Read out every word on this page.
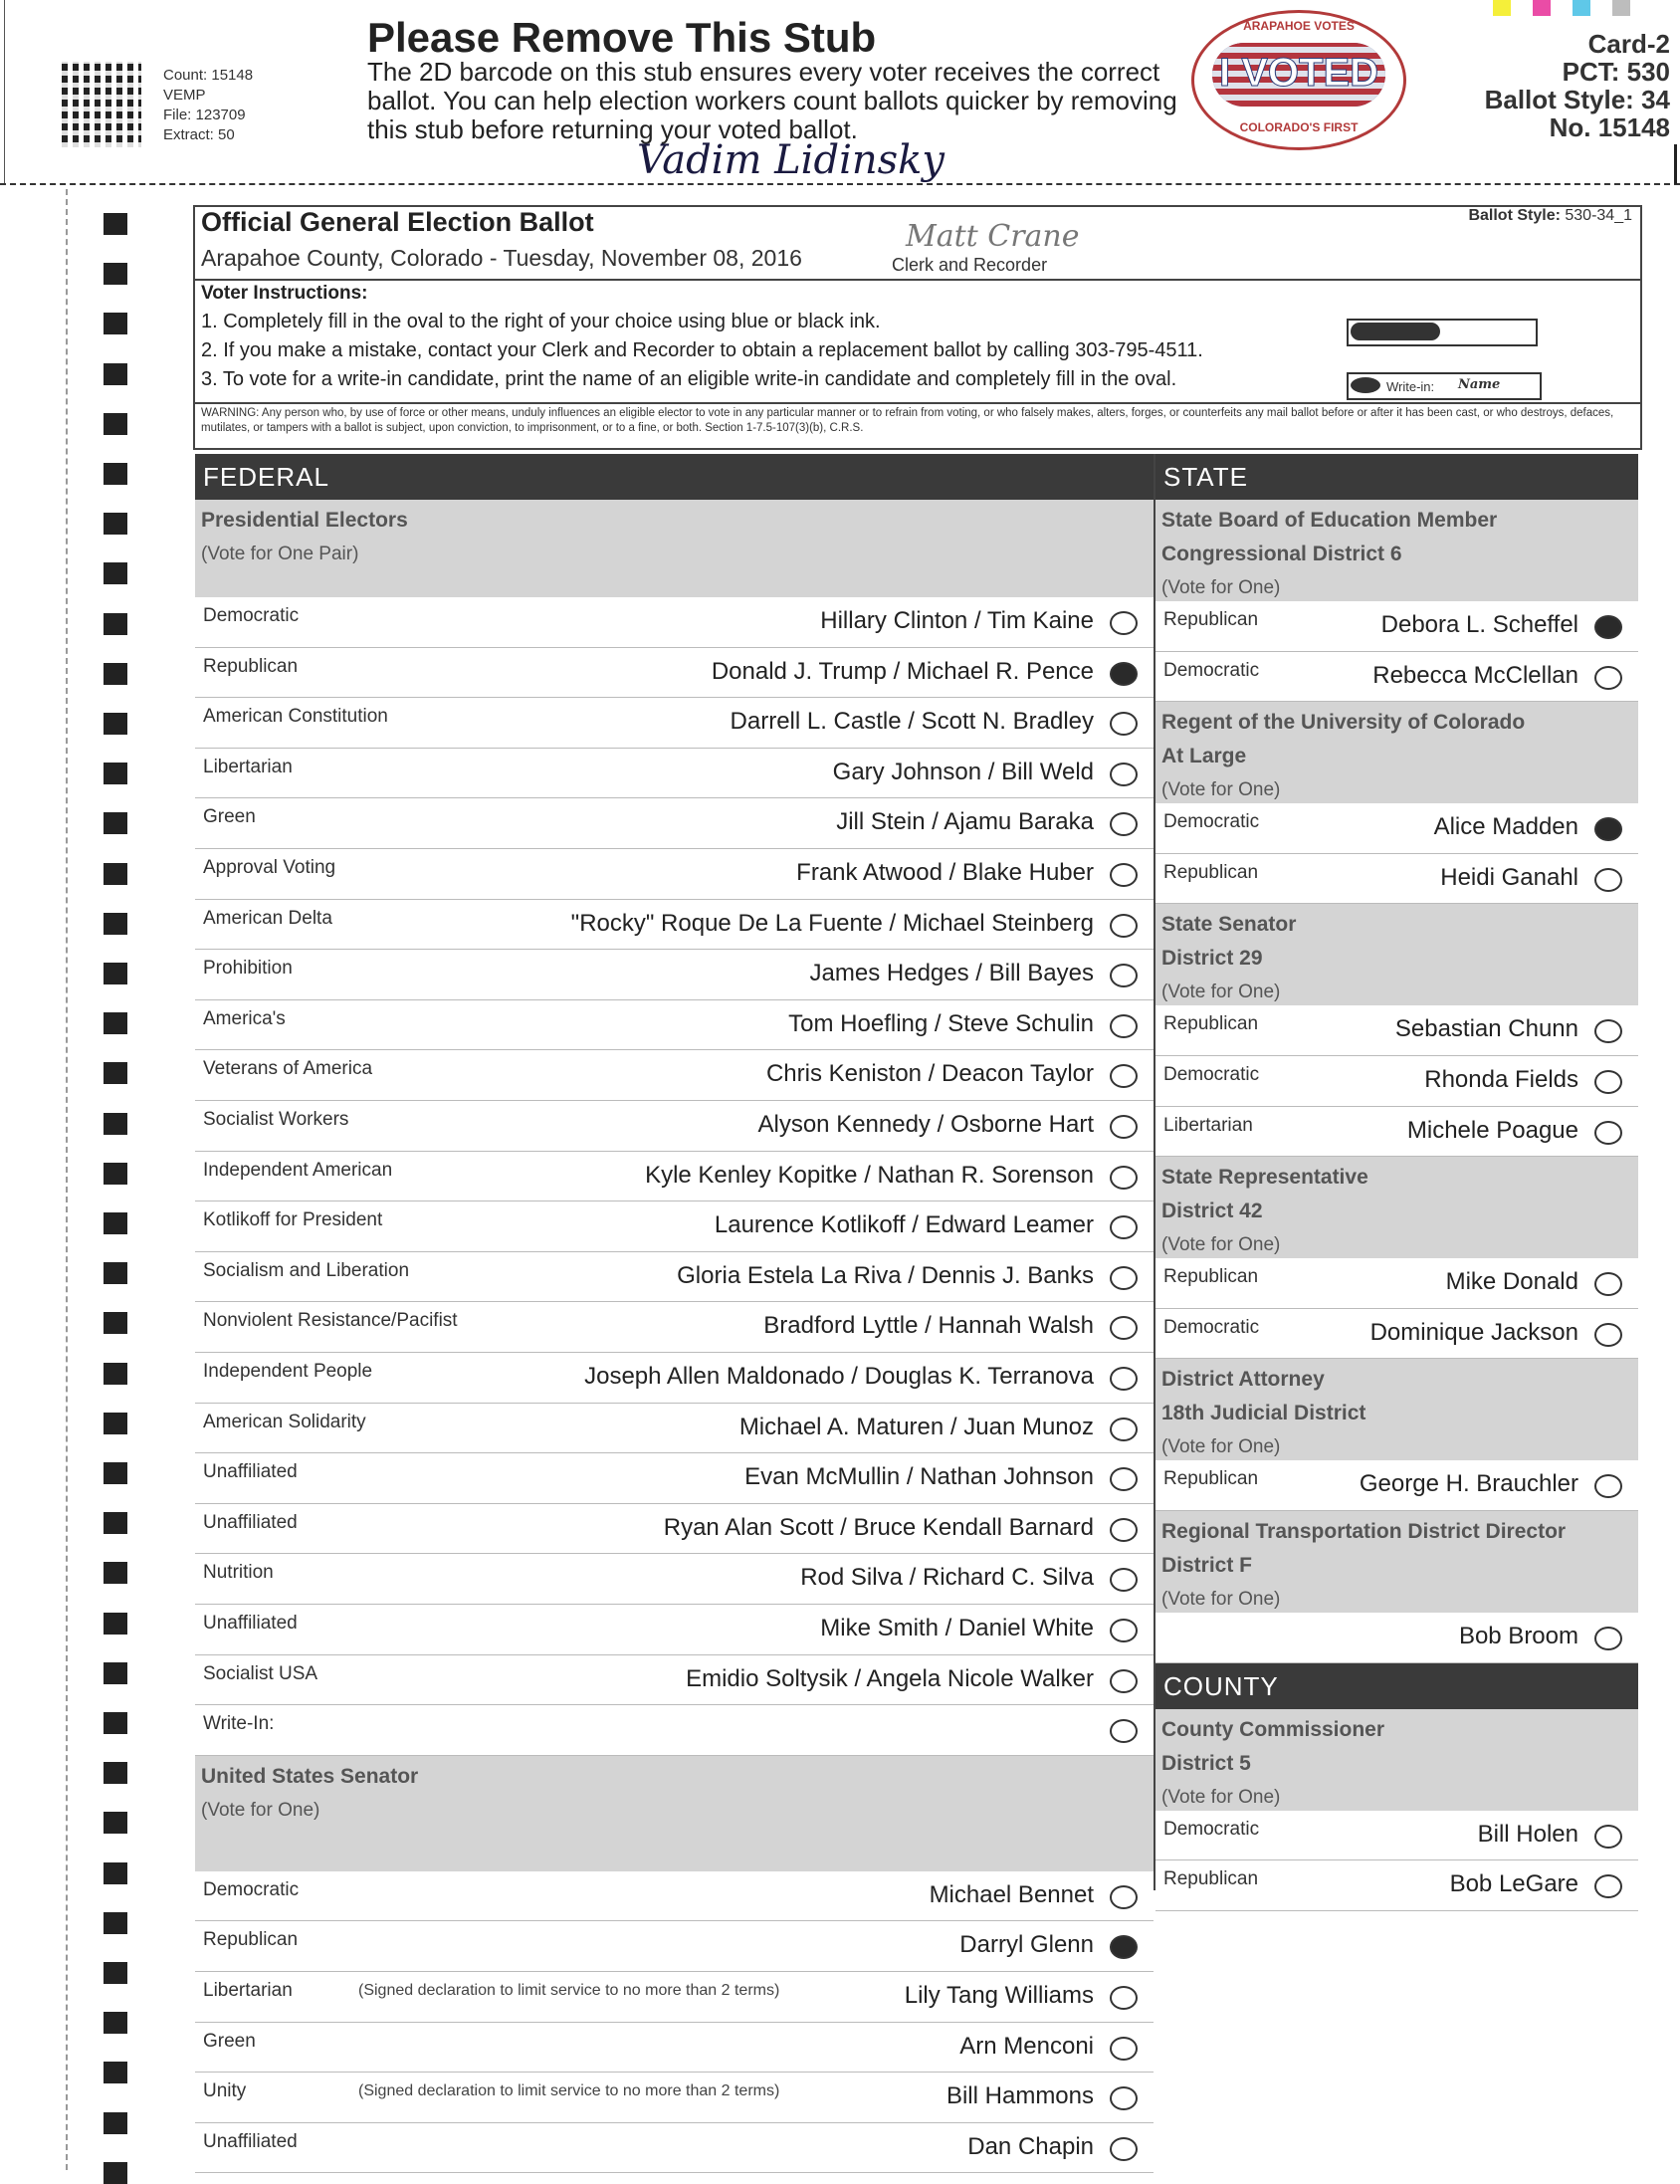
Count: 15148
VEMP
File: 123709
Extract: 50
Please Remove This Stub
The 2D barcode on this stub ensures every voter receives the correct ballot. You can help election workers count ballots quicker by removing this stub before returning your voted ballot.
ARAPAHOE VOTES
I VOTED
COLORADO'S FIRST
Card-2
PCT: 530
Ballot Style: 34
No. 15148
Vadim Lidinsky
Official General Election Ballot
Arapahoe County, Colorado - Tuesday, November 08, 2016
Matt Crane
Clerk and Recorder
Ballot Style: 530-34_1
Voter Instructions:
1. Completely fill in the oval to the right of your choice using blue or black ink.
2. If you make a mistake, contact your Clerk and Recorder to obtain a replacement ballot by calling 303-795-4511.
3. To vote for a write-in candidate, print the name of an eligible write-in candidate and completely fill in the oval.	Write-in: Name
WARNING: Any person who, by use of force or other means, unduly influences an eligible elector to vote in any particular manner or to refrain from voting, or who falsely makes, alters, forges, or counterfeits any mail ballot before or after it has been cast, or who destroys, defaces, mutilates, or tampers with a ballot is subject, upon conviction, to imprisonment, or to a fine, or both. Section 1-7.5-107(3)(b), C.R.S.
FEDERAL
Presidential Electors
(Vote for One Pair)
Democratic	Hillary Clinton / Tim Kaine
Republican	Donald J. Trump / Michael R. Pence
American Constitution	Darrell L. Castle / Scott N. Bradley
Libertarian	Gary Johnson / Bill Weld
Green	Jill Stein / Ajamu Baraka
Approval Voting	Frank Atwood / Blake Huber
American Delta	"Rocky" Roque De La Fuente / Michael Steinberg
Prohibition	James Hedges / Bill Bayes
America's	Tom Hoefling / Steve Schulin
Veterans of America	Chris Keniston / Deacon Taylor
Socialist Workers	Alyson Kennedy / Osborne Hart
Independent American	Kyle Kenley Kopitke / Nathan R. Sorenson
Kotlikoff for President	Laurence Kotlikoff / Edward Leamer
Socialism and Liberation	Gloria Estela La Riva / Dennis J. Banks
Nonviolent Resistance/Pacifist	Bradford Lyttle / Hannah Walsh
Independent People	Joseph Allen Maldonado / Douglas K. Terranova
American Solidarity	Michael A. Maturen / Juan Munoz
Unaffiliated	Evan McMullin / Nathan Johnson
Unaffiliated	Ryan Alan Scott / Bruce Kendall Barnard
Nutrition	Rod Silva / Richard C. Silva
Unaffiliated	Mike Smith / Daniel White
Socialist USA	Emidio Soltysik / Angela Nicole Walker
Write-In:
United States Senator
(Vote for One)
Democratic	Michael Bennet
Republican	Darryl Glenn
Libertarian	(Signed declaration to limit service to no more than 2 terms)	Lily Tang Williams
Green	Arn Menconi
Unity	(Signed declaration to limit service to no more than 2 terms)	Bill Hammons
Unaffiliated	Dan Chapin
STATE
State Board of Education Member
Congressional District 6
(Vote for One)
Republican	Debora L. Scheffel
Democratic	Rebecca McClellan
Regent of the University of Colorado
At Large
(Vote for One)
Democratic	Alice Madden
Republican	Heidi Ganahl
State Senator
District 29
(Vote for One)
Republican	Sebastian Chunn
Democratic	Rhonda Fields
Libertarian	Michele Poague
State Representative
District 42
(Vote for One)
Republican	Mike Donald
Democratic	Dominique Jackson
District Attorney
18th Judicial District
(Vote for One)
Republican	George H. Brauchler
Regional Transportation District Director
District F
(Vote for One)
Bob Broom
COUNTY
County Commissioner
District 5
(Vote for One)
Democratic	Bill Holen
Republican	Bob LeGare
